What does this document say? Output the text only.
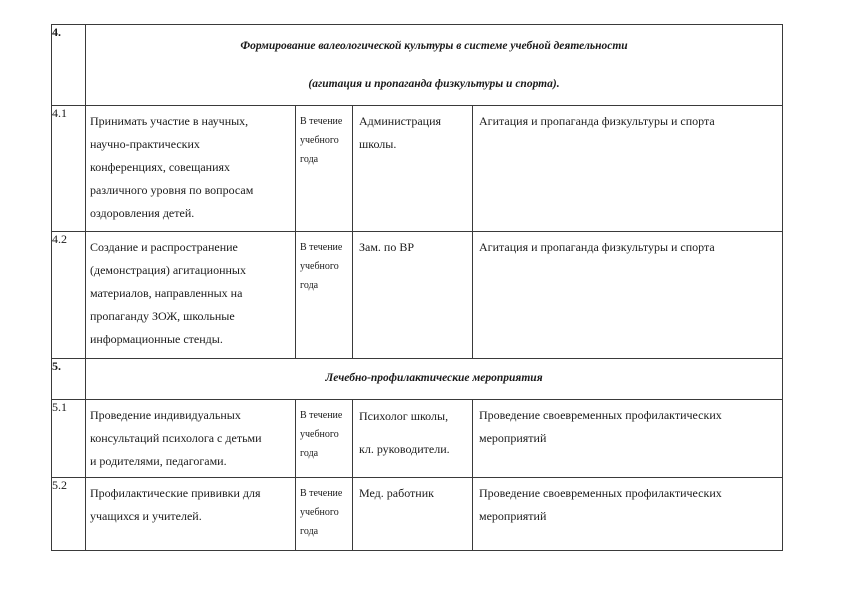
4.	Формирование валеологической культуры в системе учебной деятельности
(агитация и пропаганда физкультуры и спорта).			

4.1	Принимать участие в научных,
научно-практических
конференциях, совещаниях
различного уровня по вопросам
оздоровления детей.	В течение
учебного
года	Администрация
школы.	Агитация и пропаганда физкультуры и спорта

4.2	Создание и распространение
(демонстрация) агитационных
материалов, направленных на
пропаганду ЗОЖ, школьные
информационные стенды.	В течение
учебного
года	Зам. по ВР	Агитация и пропаганда физкультуры и спорта

5.	Лечебно-профилактические мероприятия			

5.1	Проведение индивидуальных
консультаций психолога с детьми
и родителями, педагогами.	В течение
учебного
года	Психолог школы,
кл. руководители.	Проведение своевременных профилактических
мероприятий

5.2	Профилактические прививки для
учащихся и учителей.	В течение
учебного
года	Мед. работник	Проведение своевременных профилактических
мероприятий
